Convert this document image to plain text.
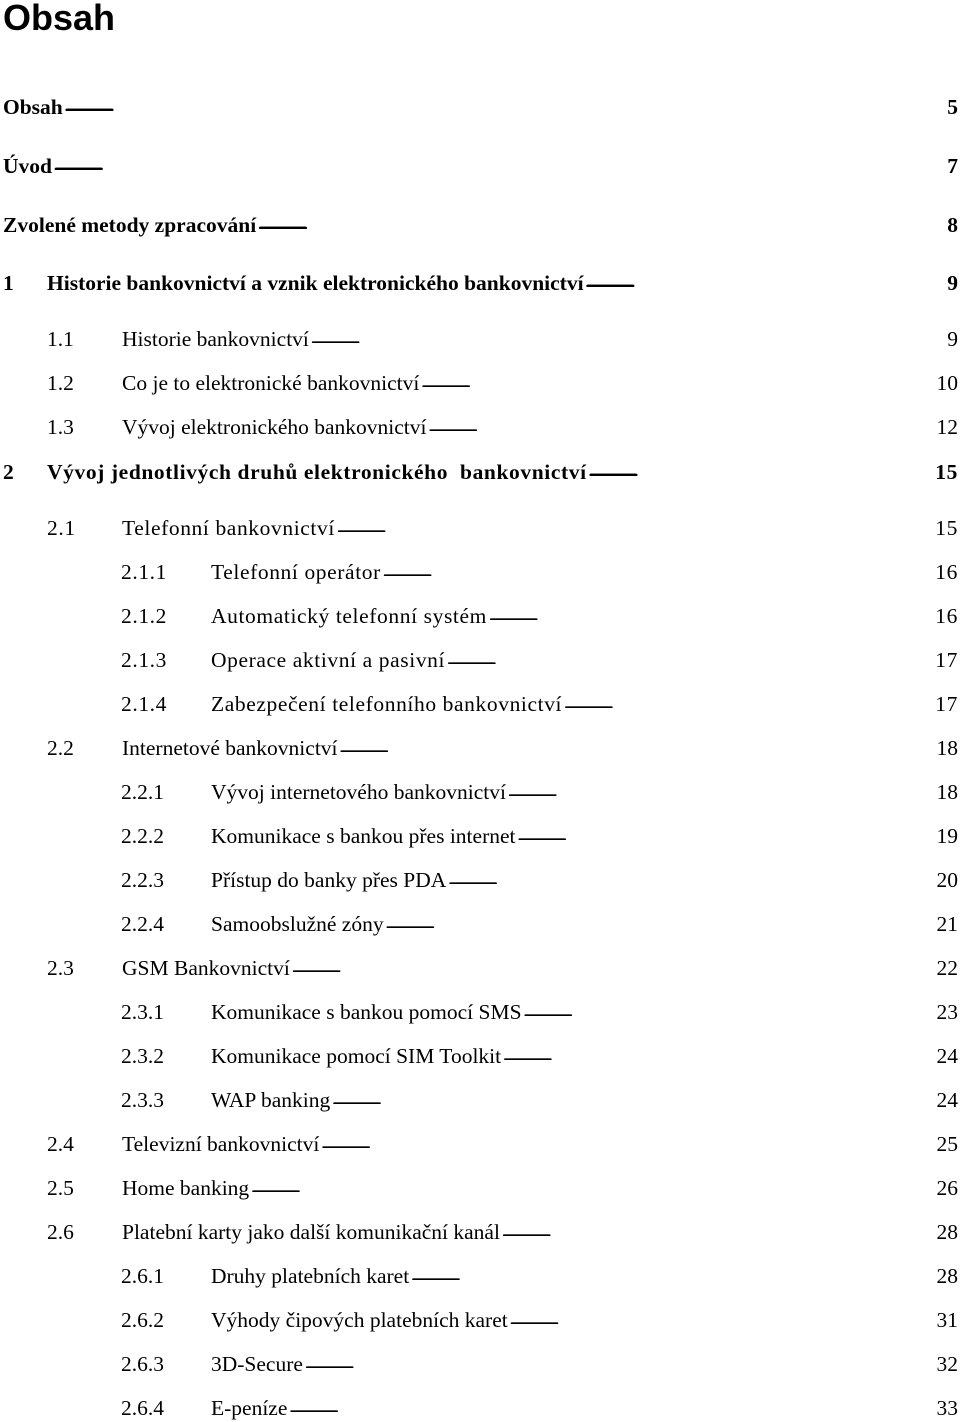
Obsah
Obsah . . .	5
Úvod . . .	7
Zvolené metody zpracování . . .	8
1	Historie bankovnictví a vznik elektronického bankovnictví . . .	9
1.1	Historie bankovnictví . . .	9
1.2	Co je to elektronické bankovnictví . . .	10
1.3	Vývoj elektronického bankovnictví . . .	12
2	Vývoj jednotlivých druhů elektronického  bankovnictví . . .	15
2.1	Telefonní bankovnictví . . .	15
2.1.1	Telefonní operátor . . .	16
2.1.2	Automatický telefonní systém . . .	16
2.1.3	Operace aktivní a pasivní . . .	17
2.1.4	Zabezpečení telefonního bankovnictví . . .	17
2.2	Internetové bankovnictví . . .	18
2.2.1	Vývoj internetového bankovnictví . . .	18
2.2.2	Komunikace s bankou přes internet . . .	19
2.2.3	Přístup do banky přes PDA . . .	20
2.2.4	Samoobslužné zóny . . .	21
2.3	GSM Bankovnictví . . .	22
2.3.1	Komunikace s bankou pomocí SMS . . .	23
2.3.2	Komunikace pomocí SIM Toolkit . . .	24
2.3.3	WAP banking . . .	24
2.4	Televizní bankovnictví . . .	25
2.5	Home banking . . .	26
2.6	Platební karty jako další komunikační kanál . . .	28
2.6.1	Druhy platebních karet . . .	28
2.6.2	Výhody čipových platebních karet . . .	31
2.6.3	3D-Secure . . .	32
2.6.4	E-peníze . . .	33
